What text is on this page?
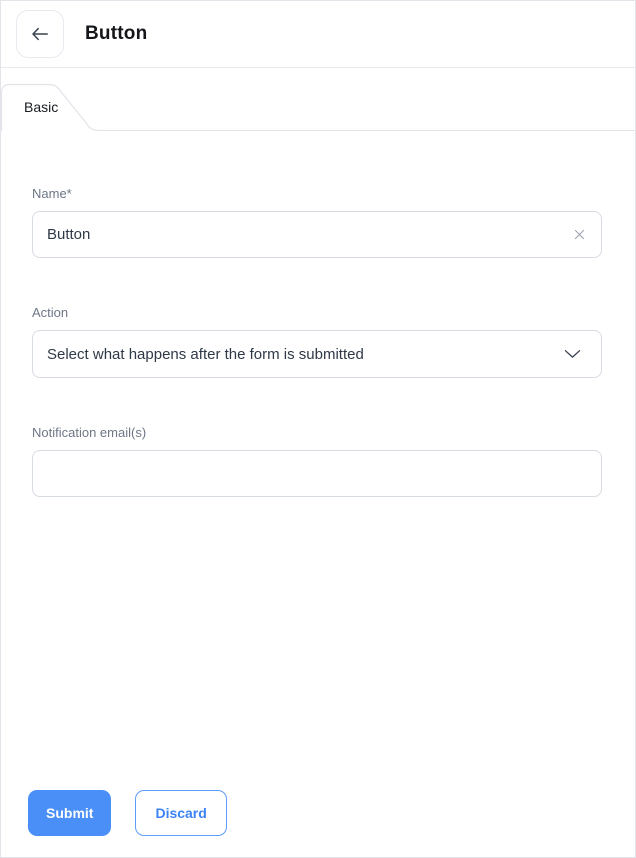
Button
Basic
Name*
Button
Action
Select what happens after the form is submitted
Notification email(s)
Submit	Discard
